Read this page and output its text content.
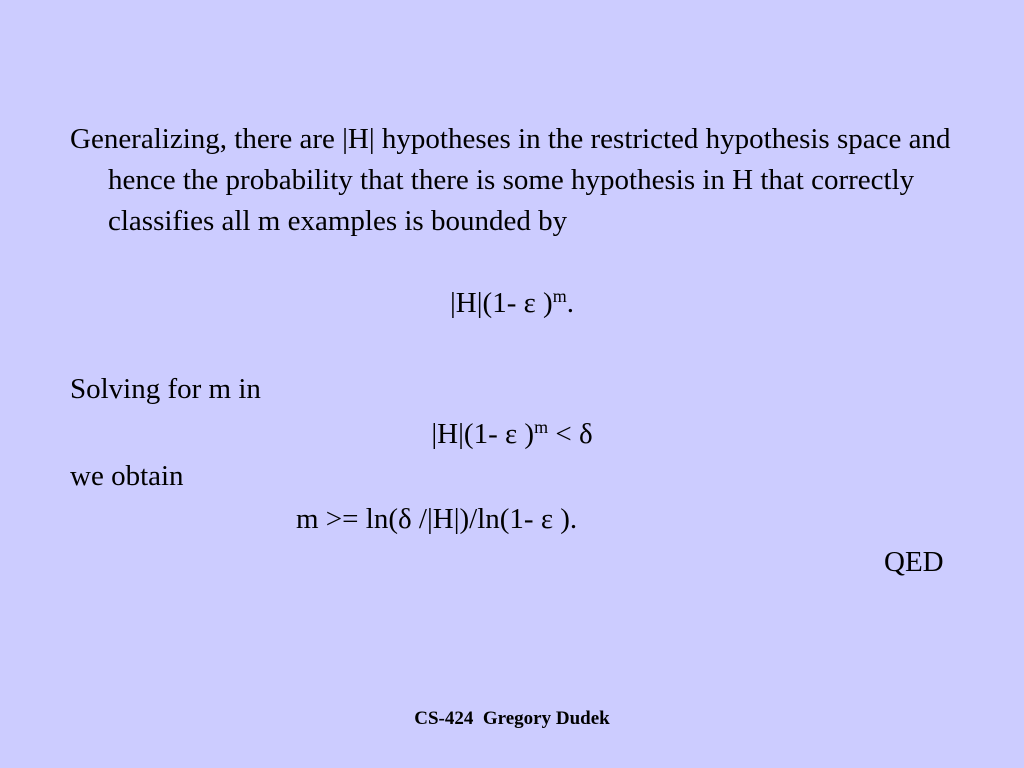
Generalizing, there are |H| hypotheses in the restricted hypothesis space and hence the probability that there is some hypothesis in H that correctly classifies all m examples is bounded by

|H|(1- ε )$^m$.
Solving for m in
|H|(1- ε )$^m$ < δ
we obtain
m >= ln(δ /|H|)/ln(1- ε ).
QED
CS-424  Gregory Dudek
